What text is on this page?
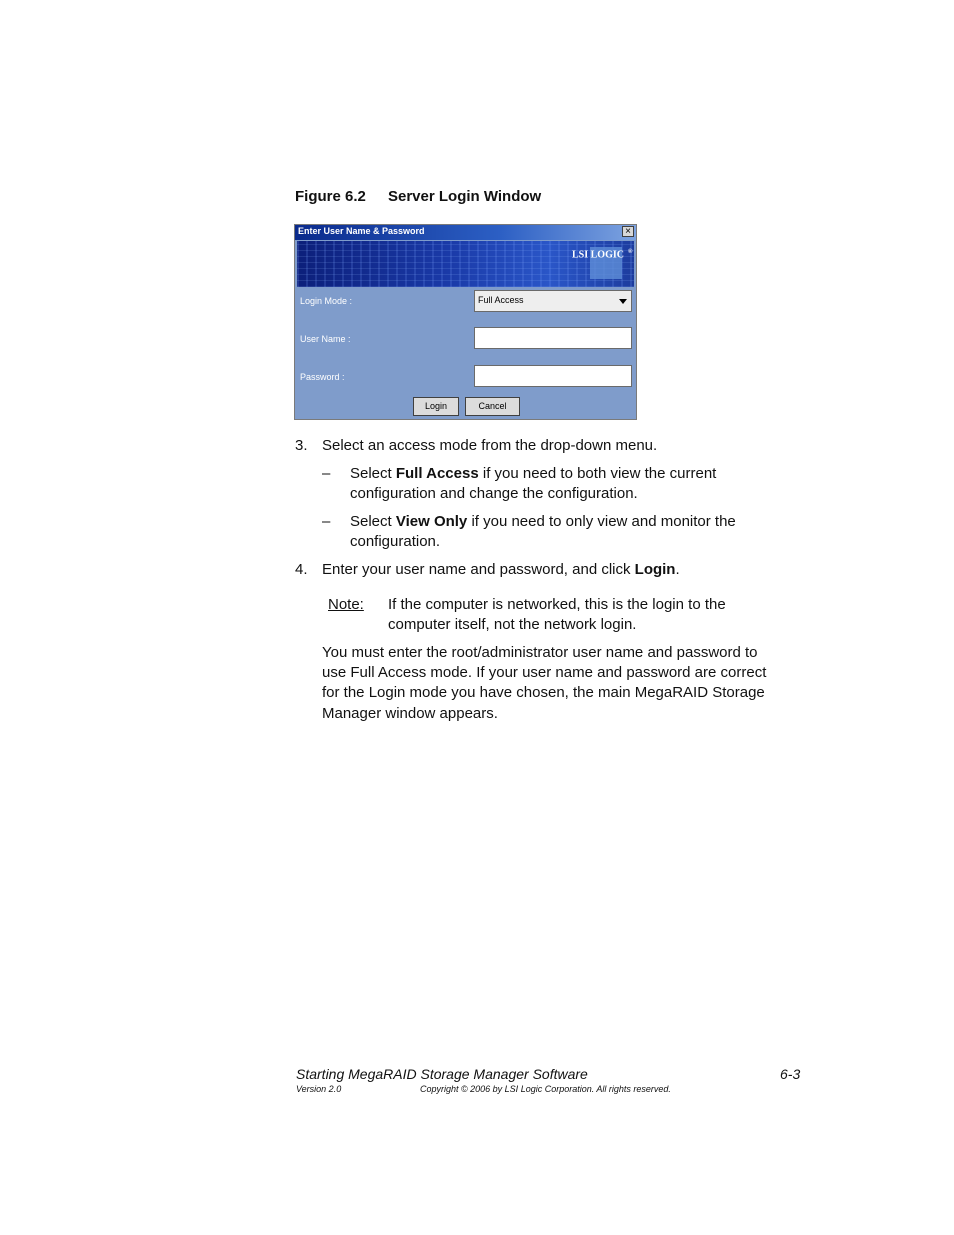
Figure 6.2 Server Login Window
Enter User Name & Password	×
LSI LOGIC ®
Login Mode :	Full Access
User Name :
Password :
Login	Cancel
3. Select an access mode from the drop-down menu.
– Select Full Access if you need to both view the current
configuration and change the configuration.
– Select View Only if you need to only view and monitor the
configuration.
4. Enter your user name and password, and click Login.
Note: If the computer is networked, this is the login to the
computer itself, not the network login.
You must enter the root/administrator user name and password to
use Full Access mode. If your user name and password are correct
for the Login mode you have chosen, the main MegaRAID Storage
Manager window appears.
Starting MegaRAID Storage Manager Software	6-3
Version 2.0	Copyright © 2006 by LSI Logic Corporation. All rights reserved.
